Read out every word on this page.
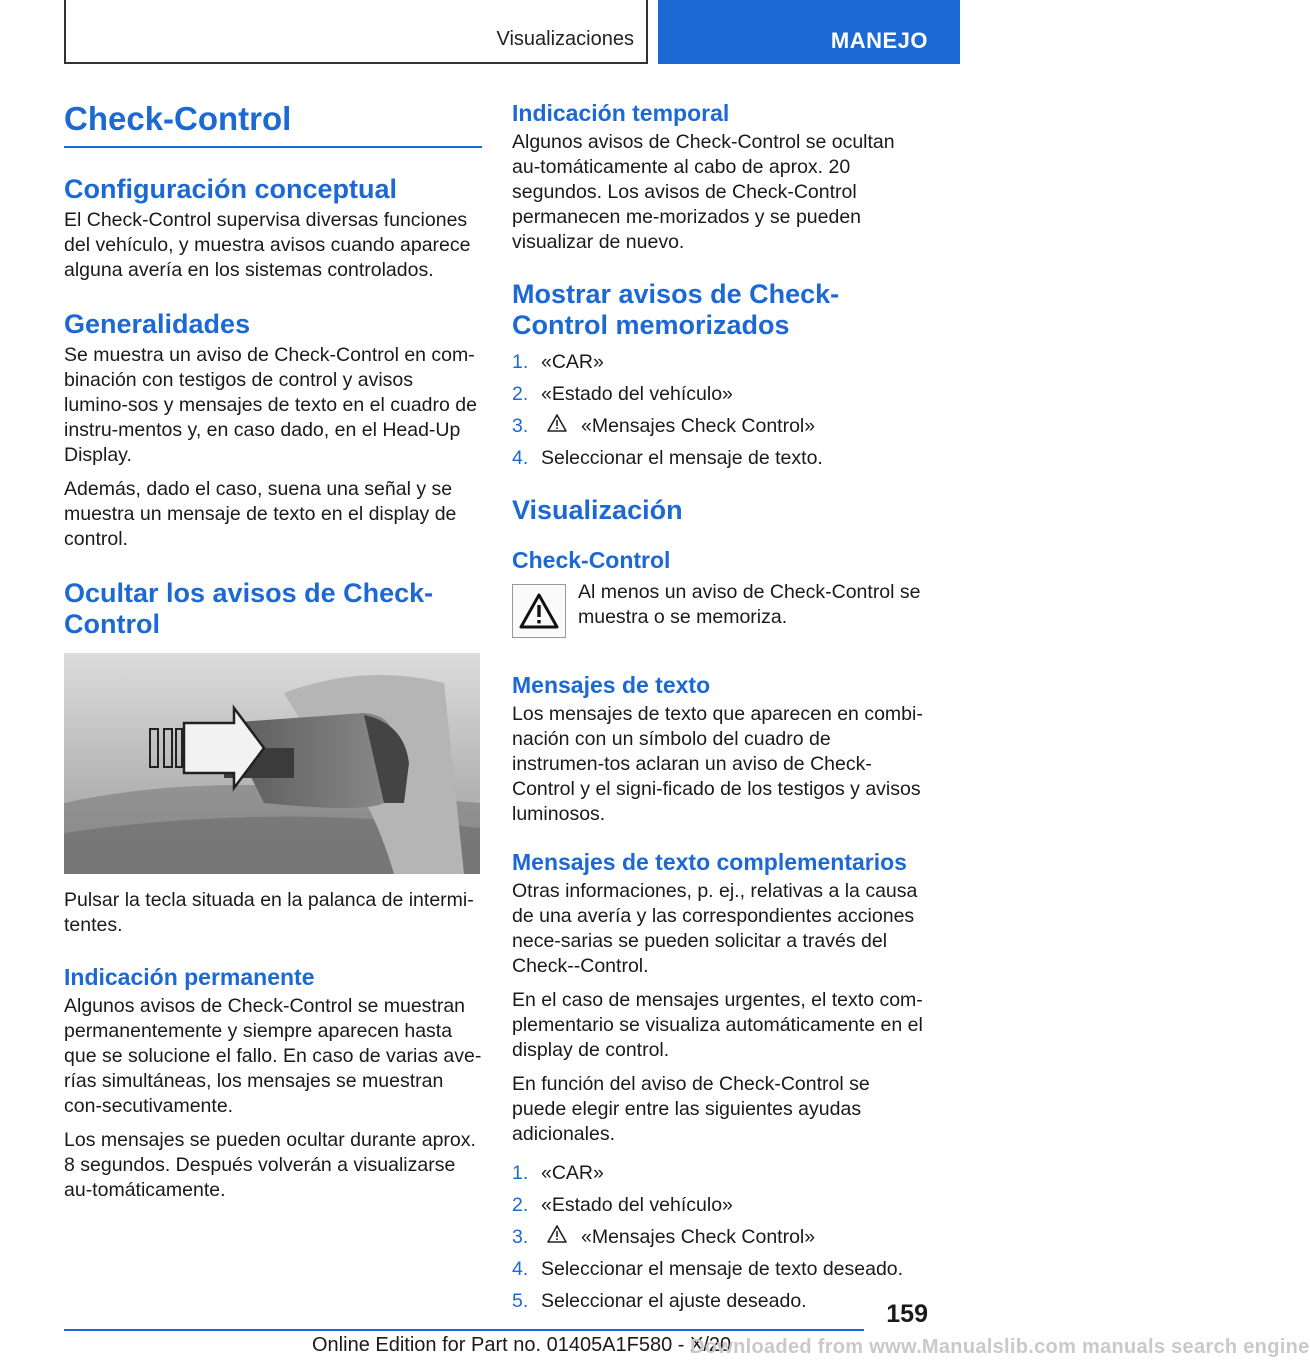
Visualizaciones	MANEJO
Check-Control
Configuración conceptual

El Check-Control supervisa diversas funciones del vehículo, y muestra avisos cuando aparece alguna avería en los sistemas controlados.

Generalidades

Se muestra un aviso de Check-Control en com-binación con testigos de control y avisos lumino-sos y mensajes de texto en el cuadro de instru-mentos y, en caso dado, en el Head-Up Display.

Además, dado el caso, suena una señal y se muestra un mensaje de texto en el display de control.

Ocultar los avisos de Check-Control

Pulsar la tecla situada en la palanca de intermi-tentes.

Indicación permanente

Algunos avisos de Check-Control se muestran permanentemente y siempre aparecen hasta que se solucione el fallo. En caso de varias ave-rías simultáneas, los mensajes se muestran con-secutivamente.

Los mensajes se pueden ocultar durante aprox. 8 segundos. Después volverán a visualizarse au-tomáticamente.

Indicación temporal

Algunos avisos de Check-Control se ocultan au-tomáticamente al cabo de aprox. 20 segundos. Los avisos de Check-Control permanecen me-morizados y se pueden visualizar de nuevo.

Mostrar avisos de Check-Control memorizados
1. «CAR»
2. «Estado del vehículo»
3.	«Mensajes Check Control»
4. Seleccionar el mensaje de texto.
Visualización
Check-Control

Al menos un aviso de Check-Control se muestra o se memoriza.

Mensajes de texto

Los mensajes de texto que aparecen en combi-nación con un símbolo del cuadro de instrumen-tos aclaran un aviso de Check-Control y el signi-ficado de los testigos y avisos luminosos.

Mensajes de texto complementarios

Otras informaciones, p. ej., relativas a la causa de una avería y las correspondientes acciones nece-sarias se pueden solicitar a través del Check--Control.

En el caso de mensajes urgentes, el texto com-plementario se visualiza automáticamente en el display de control.

En función del aviso de Check-Control se puede elegir entre las siguientes ayudas adicionales.

1. «CAR»
2. «Estado del vehículo»
3.	«Mensajes Check Control»
4. Seleccionar el mensaje de texto deseado.
5. Seleccionar el ajuste deseado.	159
Online Edition for Part no. 01405A1F580 - X/20
Downloaded from www.Manualslib.com manuals search engine
